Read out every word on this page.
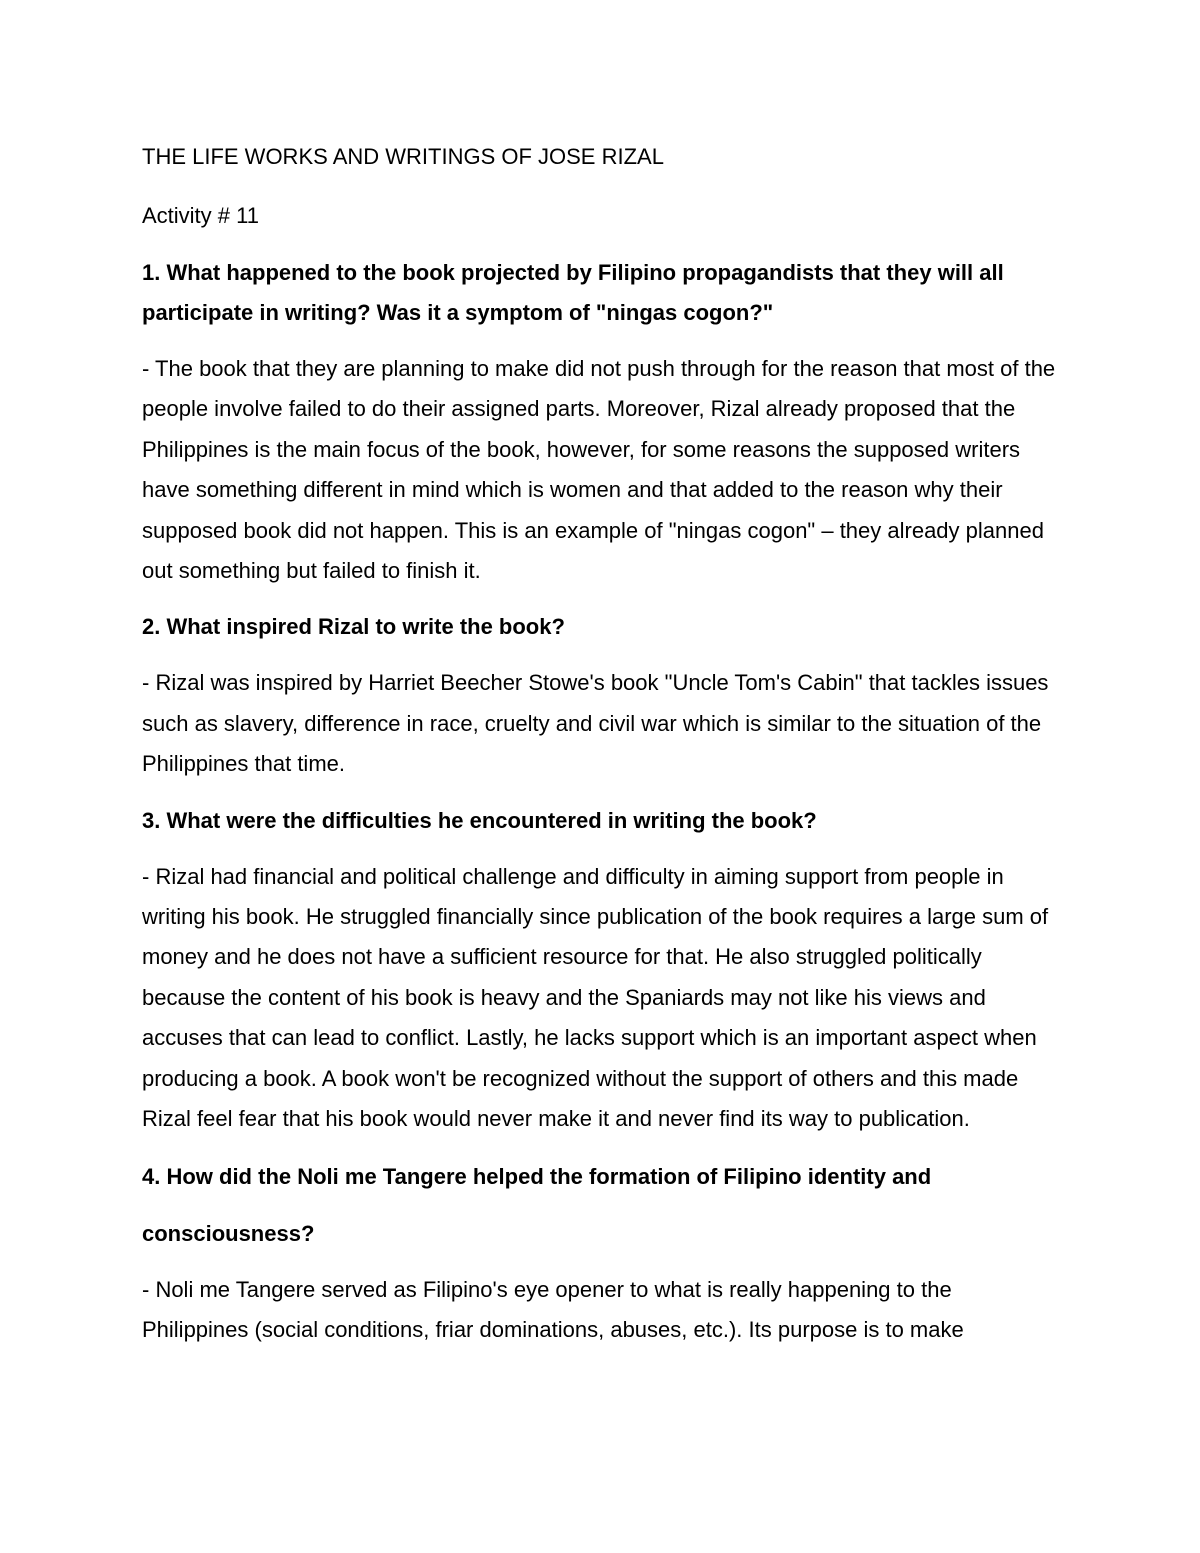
THE LIFE WORKS AND WRITINGS OF JOSE RIZAL
Activity # 11
1. What happened to the book projected by Filipino propagandists that they will all participate in writing? Was it a symptom of "ningas cogon?"
- The book that they are planning to make did not push through for the reason that most of the people involve failed to do their assigned parts. Moreover, Rizal already proposed that the Philippines is the main focus of the book, however, for some reasons the supposed writers have something different in mind which is women and that added to the reason why their supposed book did not happen. This is an example of "ningas cogon" – they already planned out something but failed to finish it.
2. What inspired Rizal to write the book?
- Rizal was inspired by Harriet Beecher Stowe's book "Uncle Tom's Cabin" that tackles issues such as slavery, difference in race, cruelty and civil war which is similar to the situation of the Philippines that time.
3. What were the difficulties he encountered in writing the book?
- Rizal had financial and political challenge and difficulty in aiming support from people in writing his book. He struggled financially since publication of the book requires a large sum of money and he does not have a sufficient resource for that. He also struggled politically because the content of his book is heavy and the Spaniards may not like his views and accuses that can lead to conflict. Lastly, he lacks support which is an important aspect when producing a book. A book won't be recognized without the support of others and this made Rizal feel fear that his book would never make it and never find its way to publication.
4. How did the Noli me Tangere helped the formation of Filipino identity and consciousness?
- Noli me Tangere served as Filipino's eye opener to what is really happening to the Philippines (social conditions, friar dominations, abuses, etc.). Its purpose is to make
